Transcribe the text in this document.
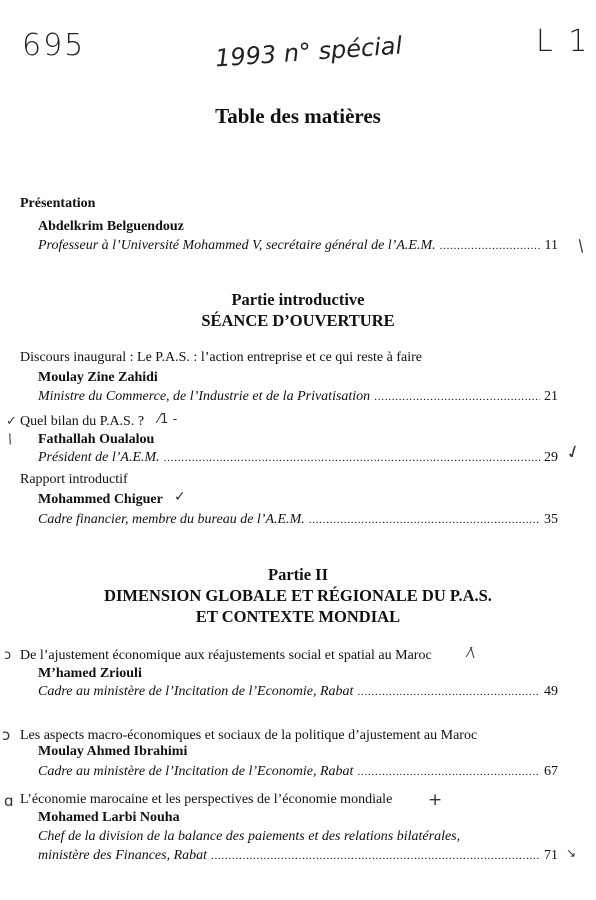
695	1993 n° spécial	L 1
Table des matières
Présentation
Abdelkrim Belguendouz
Professeur à l’Université Mohammed V, secrétaire général de l’A.E.M. . . .	11 /
Partie introductive
SÉANCE D’OUVERTURE
Discours inaugural : Le P.A.S. : l’action entreprise et ce qui reste à faire
Moulay Zine Zahidi
Ministre du Commerce, de l’Industrie et de la Privatisation . . .	21
Quel bilan du P.A.S. ?
Fathallah Oualalou
Président de l’A.E.M. . . .	29
✓	⁄1 -
/
✓
Rapport introductif
Mohammed Chiguer
Cadre financier, membre du bureau de l’A.E.M. . . .	35
✓
Partie II
DIMENSION GLOBALE ET RÉGIONALE DU P.A.S.
ET CONTEXTE MONDIAL
De l’ajustement économique aux réajustements social et spatial au Maroc
M’hamed Zriouli
Cadre au ministère de l’Incitation de l’Economie, Rabat . . .	49
ↄ	⁄\
Les aspects macro-économiques et sociaux de la politique d’ajustement au Maroc
Moulay Ahmed Ibrahimi
Cadre au ministère de l’Incitation de l’Economie, Rabat . . .	67
ↄ
L’économie marocaine et les perspectives de l’économie mondiale
Mohamed Larbi Nouha
Chef de la division de la balance des paiements et des relations bilatérales,
ministère des Finances, Rabat . . .	71
ɑ	+
↘
